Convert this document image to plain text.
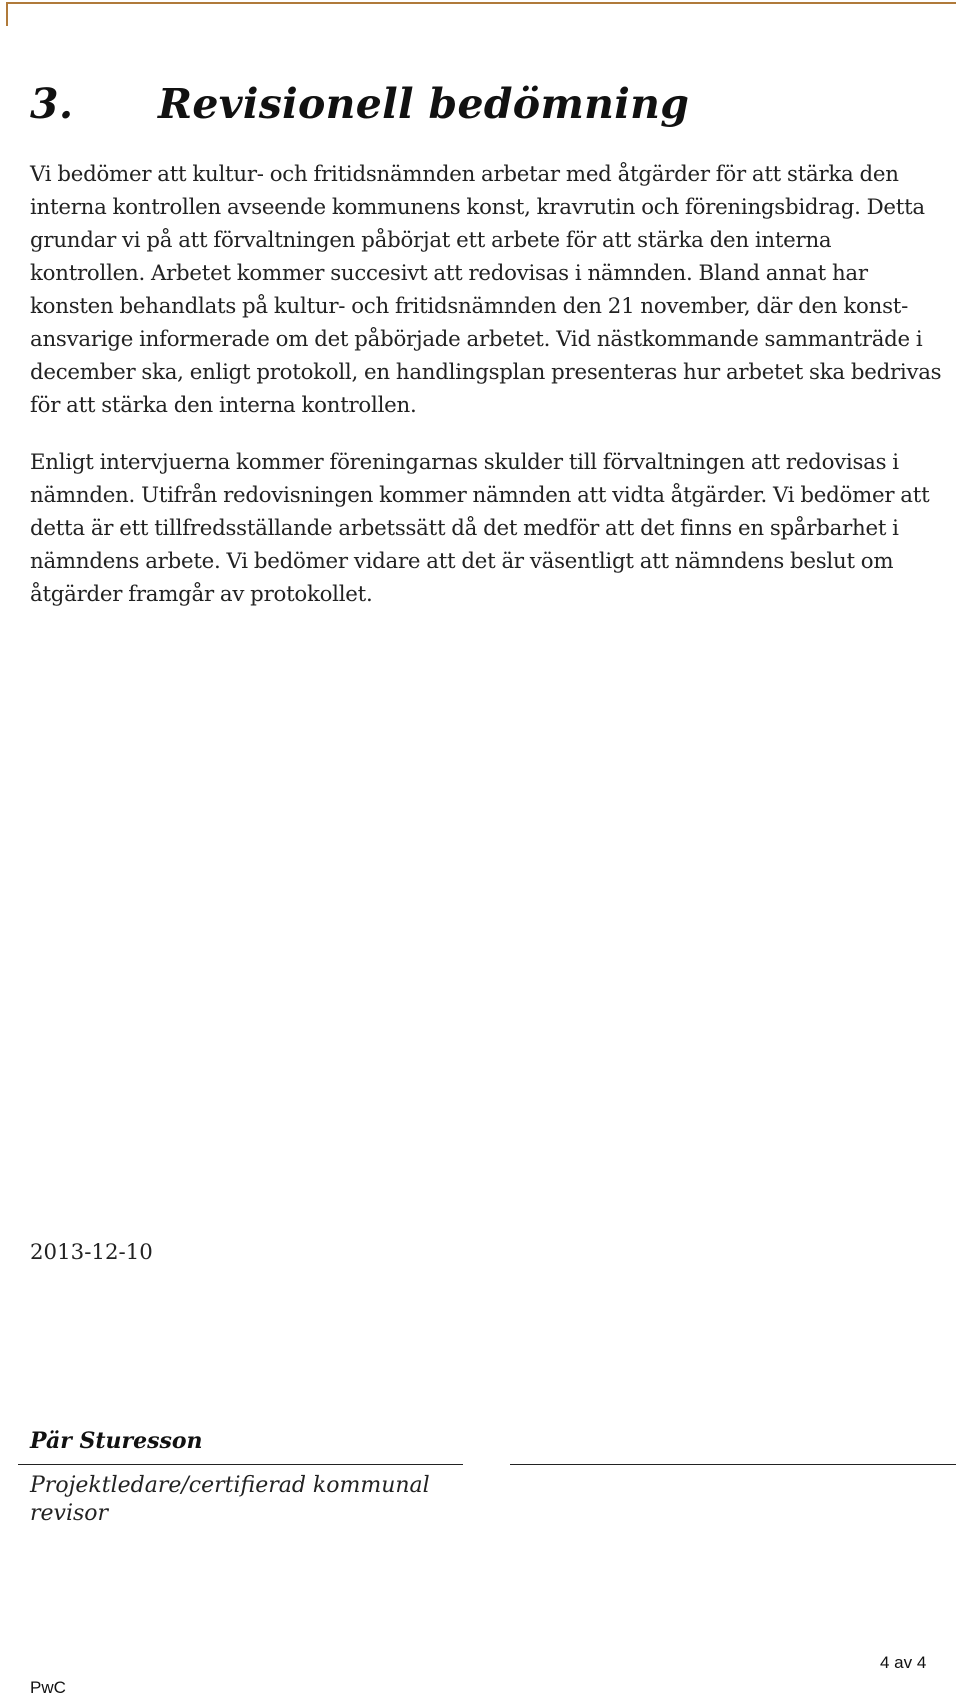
3.	Revisionell bedömning

Vi bedömer att kultur- och fritidsnämnden arbetar med åtgärder för att stärka den interna kontrollen avseende kommunens konst, kravrutin och föreningsbidrag. Detta grundar vi på att förvaltningen påbörjat ett arbete för att stärka den interna kontrollen. Arbetet kommer succesivt att redovisas i nämnden. Bland annat har konsten behandlats på kultur- och fritidsnämnden den 21 november, där den konstansvarige informerade om det påbörjade arbetet. Vid nästkommande sammanträde i december ska, enligt protokoll, en handlingsplan presenteras hur arbetet ska bedrivas för att stärka den interna kontrollen.

Enligt intervjuerna kommer föreningarnas skulder till förvaltningen att redovisas i nämnden. Utifrån redovisningen kommer nämnden att vidta åtgärder. Vi bedömer att detta är ett tillfredsställande arbetssätt då det medför att det finns en spårbarhet i nämndens arbete. Vi bedömer vidare att det är väsentligt att nämndens beslut om åtgärder framgår av protokollet.

2013-12-10

Pär Sturesson

Projektledare/certifierad kommunal revisor

4 av 4
PwC
